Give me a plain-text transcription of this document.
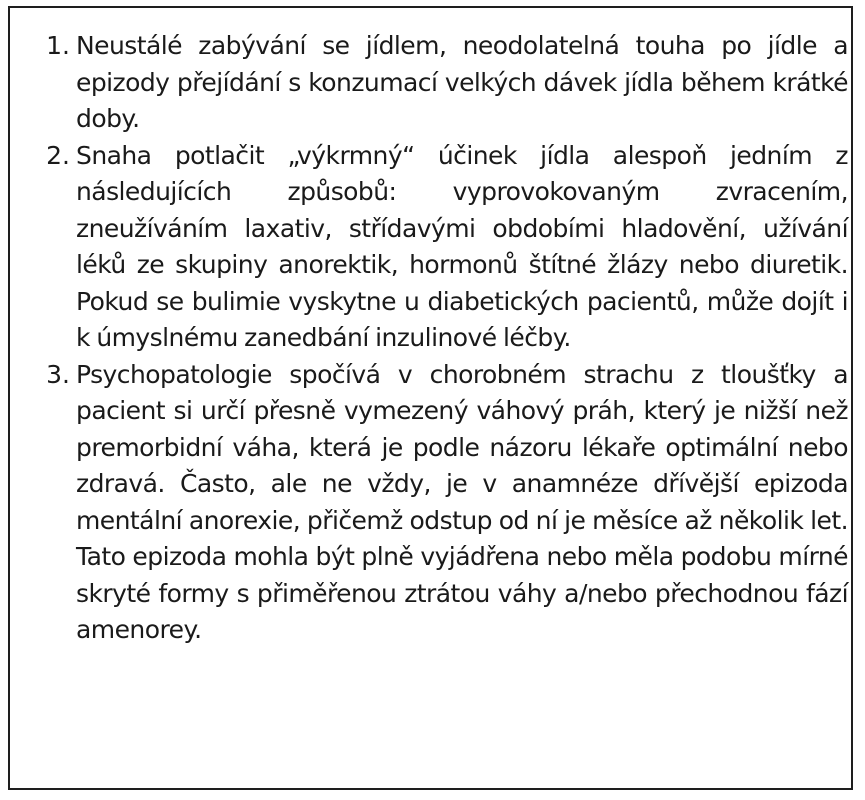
1. Neustálé zabývání se jídlem, neodolatelná touha po jídle a epizody přejídání s konzumací velkých dávek jídla během krátké doby.
2. Snaha potlačit „výkrmný“ účinek jídla alespoň jedním z následujících způsobů: vyprovokovaným zvracením, zneužíváním laxativ, střídavými obdobími hladovění, užívání léků ze skupiny anorektik, hormonů štítné žlázy nebo diuretik. Pokud se bulimie vyskytne u diabetických pacientů, může dojít i k úmyslnému zanedbání inzulinové léčby.
3. Psychopatologie spočívá v chorobném strachu z tloušťky a pacient si určí přesně vymezený váhový práh, který je nižší než premorbidní váha, která je podle názoru lékaře optimální nebo zdravá. Často, ale ne vždy, je v anamnéze dřívější epizoda mentální anorexie, přičemž odstup od ní je měsíce až několik let. Tato epizoda mohla být plně vyjádřena nebo měla podobu mírné skryté formy s přiměřenou ztrátou váhy a/nebo přechodnou fází amenorey.
